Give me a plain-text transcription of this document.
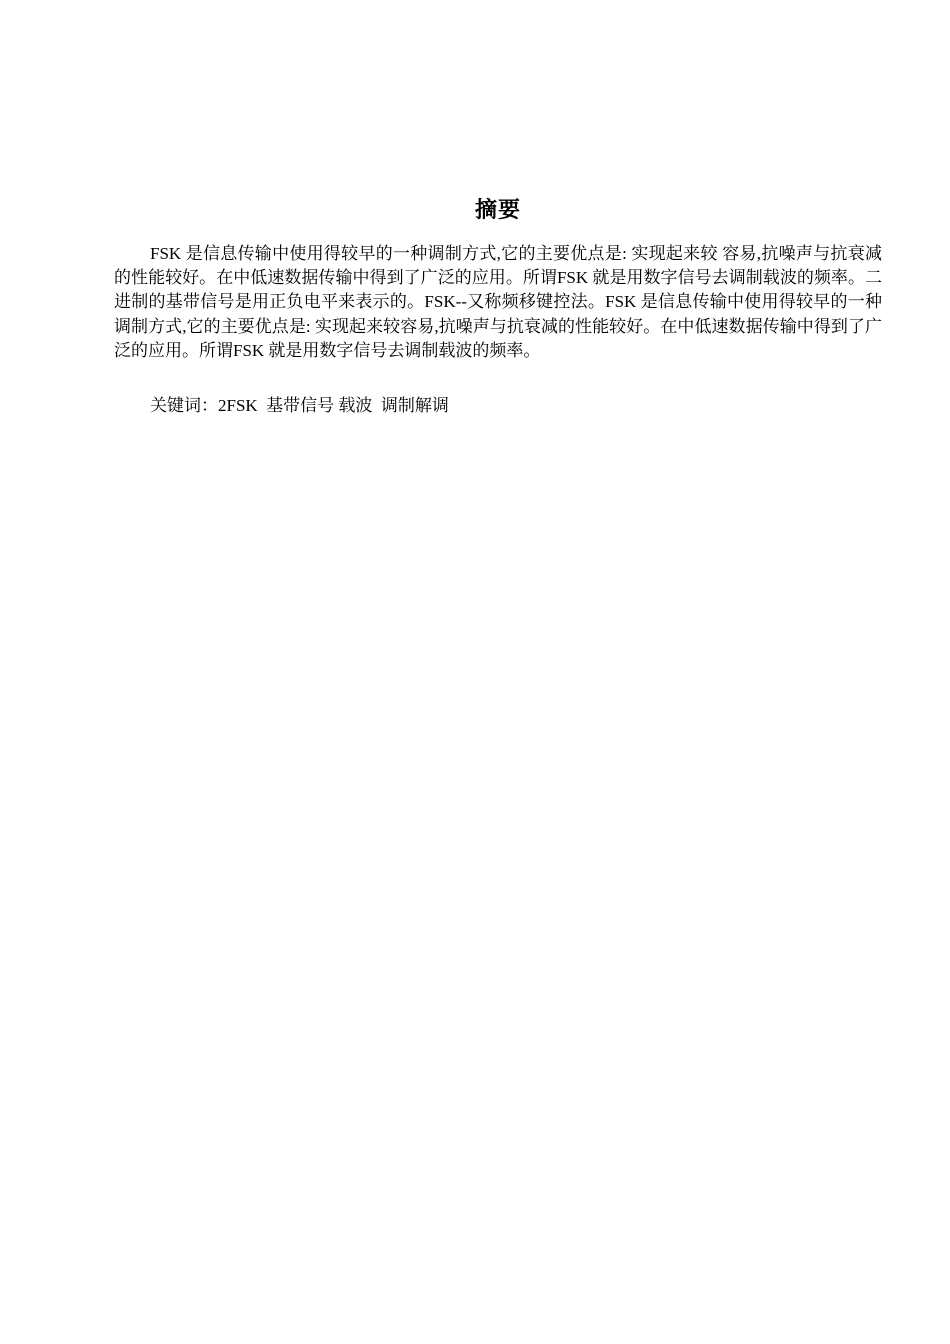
摘要

FSK 是信息传输中使用得较早的一种调制方式,它的主要优点是: 实现起来较 容易,抗噪声与抗衰减的性能较好。在中低速数据传输中得到了广泛的应用。所谓FSK 就是用数字信号去调制载波的频率。二进制的基带信号是用正负电平来表示的。FSK--又称频移键控法。FSK 是信息传输中使用得较早的一种调制方式,它的主要优点是: 实现起来较容易,抗噪声与抗衰减的性能较好。在中低速数据传输中得到了广泛的应用。所谓FSK 就是用数字信号去调制载波的频率。

关键词：2FSK  基带信号 载波  调制解调
